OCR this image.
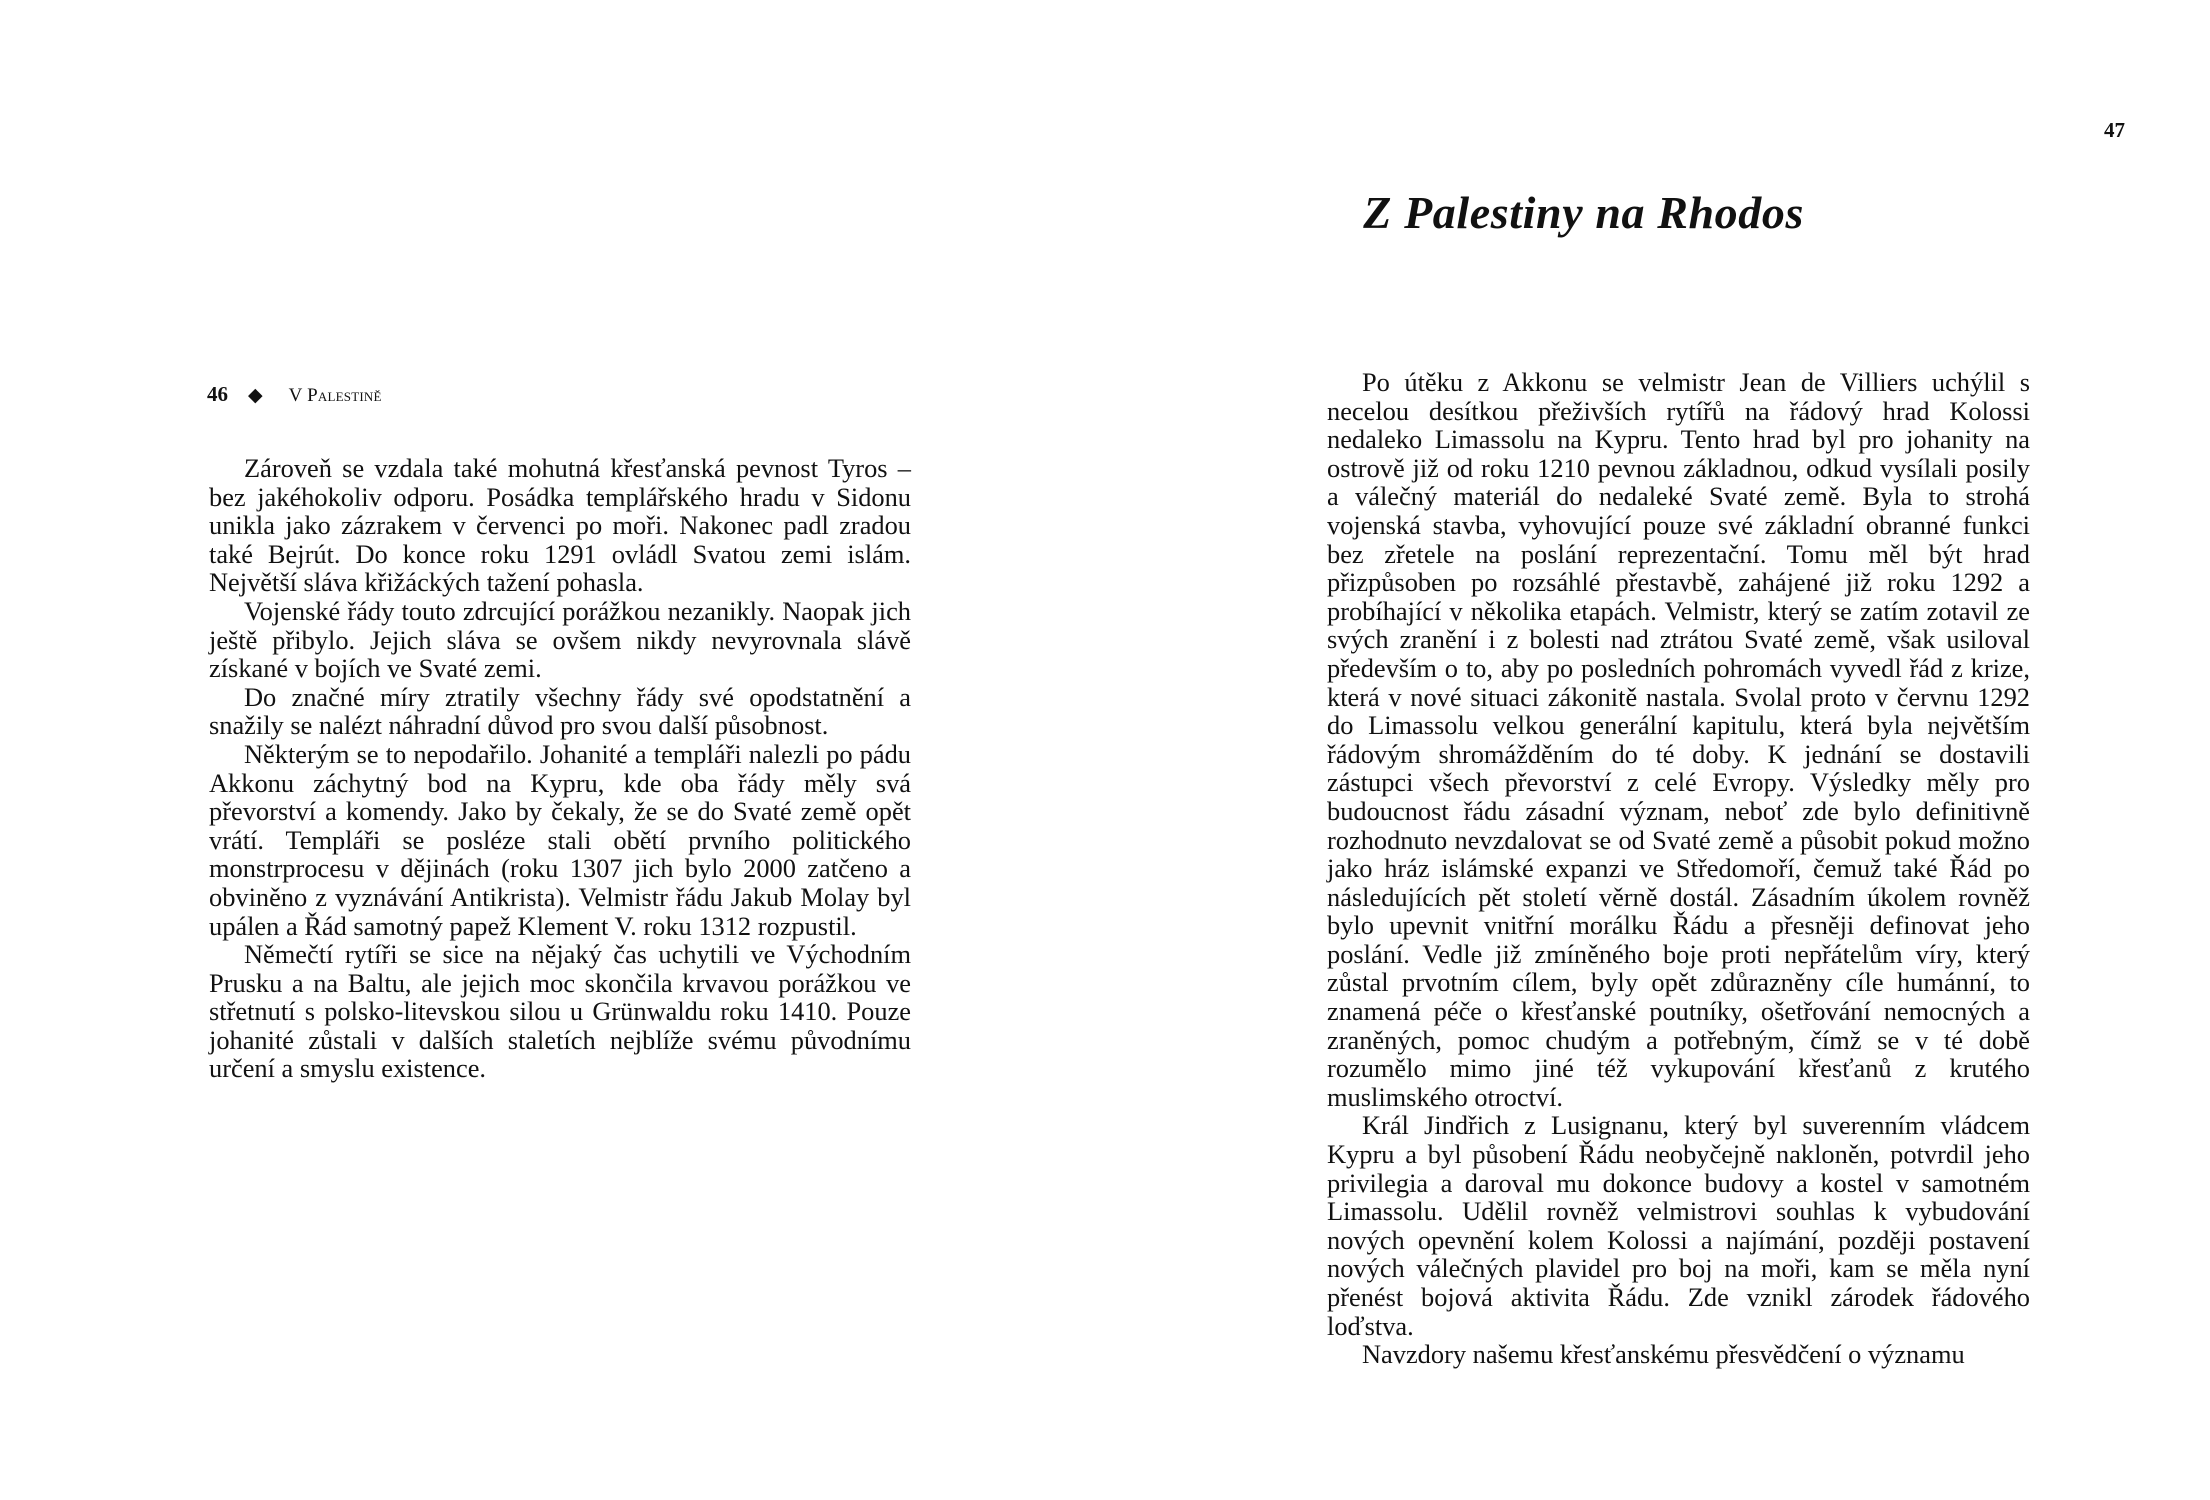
46 ◆ V Palestině

Zároveň se vzdala také mohutná křesťanská pevnost Tyros – bez jakéhokoliv odporu. Posádka templářského hradu v Sidonu unikla jako zázrakem v červenci po moři. Nakonec padl zradou také Bejrút. Do konce roku 1291 ovládl Svatou zemi islám. Největší sláva křižáckých tažení pohasla.

Vojenské řády touto zdrcující porážkou nezanikly. Naopak jich ještě přibylo. Jejich sláva se ovšem nikdy nevyrovnala slávě získané v bojích ve Svaté zemi.

Do značné míry ztratily všechny řády své opodstatnění a snažily se nalézt náhradní důvod pro svou další působnost.

Některým se to nepodařilo. Johanité a templáři nalezli po pádu Akkonu záchytný bod na Kypru, kde oba řády měly svá převorství a komendy. Jako by čekaly, že se do Svaté země opět vrátí. Templáři se posléze stali obětí prvního politického monstrprocesu v dějinách (roku 1307 jich bylo 2000 zatčeno a obviněno z vyznávání Antikrista). Velmistr řádu Jakub Molay byl upálen a Řád samotný papež Klement V. roku 1312 rozpustil.

Němečtí rytíři se sice na nějaký čas uchytili ve Východním Prusku a na Baltu, ale jejich moc skončila krvavou porážkou ve střetnutí s polsko-litevskou silou u Grünwaldu roku 1410. Pouze johanité zůstali v dalších staletích nejblíže svému původnímu určení a smyslu existence.

47

Po útěku z Akkonu se velmistr Jean de Villiers uchýlil s necelou desítkou přeživších rytířů na řádový hrad Kolossi nedaleko Limassolu na Kypru. Tento hrad byl pro johanity na ostrově již od roku 1210 pevnou základnou, odkud vysílali posily a válečný materiál do nedaleké Svaté země. Byla to strohá vojenská stavba, vyhovující pouze své základní obranné funkci bez zřetele na poslání reprezentační. Tomu měl být hrad přizpůsoben po rozsáhlé přestavbě, zahájené již roku 1292 a probíhající v několika etapách. Velmistr, který se zatím zotavil ze svých zranění i z bolesti nad ztrátou Svaté země, však usiloval především o to, aby po posledních pohromách vyvedl řád z krize, která v nové situaci zákonitě nastala. Svolal proto v červnu 1292 do Limassolu velkou generální kapitulu, která byla největším řádovým shromážděním do té doby. K jednání se dostavili zástupci všech převorství z celé Evropy. Výsledky měly pro budoucnost řádu zásadní význam, neboť zde bylo definitivně rozhodnuto nevzdalovat se od Svaté země a působit pokud možno jako hráz islámské expanzi ve Středomoří, čemuž také Řád po následujících pět století věrně dostál. Zásadním úkolem rovněž bylo upevnit vnitřní morálku Řádu a přesněji definovat jeho poslání. Vedle již zmíněného boje proti nepřátelům víry, který zůstal prvotním cílem, byly opět zdůrazněny cíle humánní, to znamená péče o křesťanské poutníky, ošetřování nemocných a zraněných, pomoc chudým a potřebným, čímž se v té době rozumělo mimo jiné též vykupování křesťanů z krutého muslimského otroctví.

Král Jindřich z Lusignanu, který byl suverenním vládcem Kypru a byl působení Řádu neobyčejně nakloněn, potvrdil jeho privilegia a daroval mu dokonce budovy a kostel v samotném Limassolu. Udělil rovněž velmistrovi souhlas k vybudování nových opevnění kolem Kolossi a najímání, později postavení nových válečných plavidel pro boj na moři, kam se měla nyní přenést bojová aktivita Řádu. Zde vznikl zárodek řádového loďstva.

Navzdory našemu křesťanskému přesvědčení o významu

Z Palestiny na Rhodos
